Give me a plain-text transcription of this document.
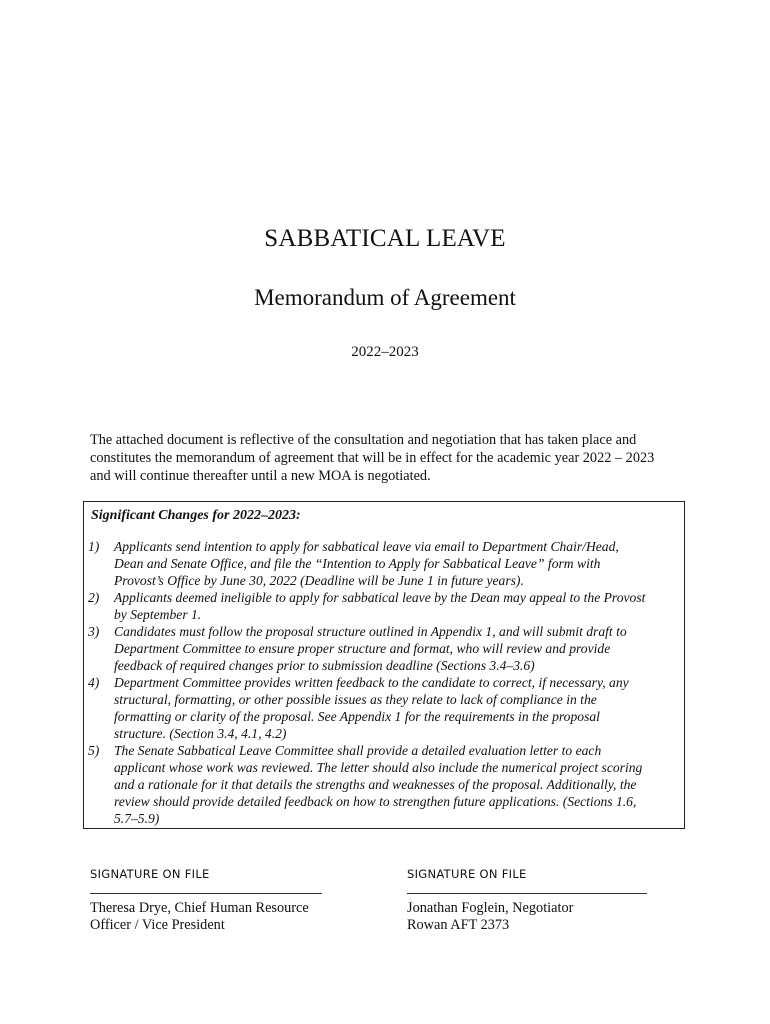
SABBATICAL LEAVE
Memorandum of Agreement
2022–2023
The attached document is reflective of the consultation and negotiation that has taken place and
constitutes the memorandum of agreement that will be in effect for the academic year 2022 – 2023
and will continue thereafter until a new MOA is negotiated.
Significant Changes for 2022–2023:
1) Applicants send intention to apply for sabbatical leave via email to Department Chair/Head,
Dean and Senate Office, and file the “Intention to Apply for Sabbatical Leave” form with
Provost’s Office by June 30, 2022 (Deadline will be June 1 in future years).
2) Applicants deemed ineligible to apply for sabbatical leave by the Dean may appeal to the Provost
by September 1.
3) Candidates must follow the proposal structure outlined in Appendix 1, and will submit draft to
Department Committee to ensure proper structure and format, who will review and provide
feedback of required changes prior to submission deadline (Sections 3.4–3.6)
4) Department Committee provides written feedback to the candidate to correct, if necessary, any
structural, formatting, or other possible issues as they relate to lack of compliance in the
formatting or clarity of the proposal. See Appendix 1 for the requirements in the proposal
structure. (Section 3.4, 4.1, 4.2)
5) The Senate Sabbatical Leave Committee shall provide a detailed evaluation letter to each
applicant whose work was reviewed. The letter should also include the numerical project scoring
and a rationale for it that details the strengths and weaknesses of the proposal. Additionally, the
review should provide detailed feedback on how to strengthen future applications. (Sections 1.6,
5.7–5.9)
SIGNATURE ON FILE
Theresa Drye, Chief Human Resource
Officer / Vice President
SIGNATURE ON FILE
Jonathan Foglein, Negotiator
Rowan AFT 2373
